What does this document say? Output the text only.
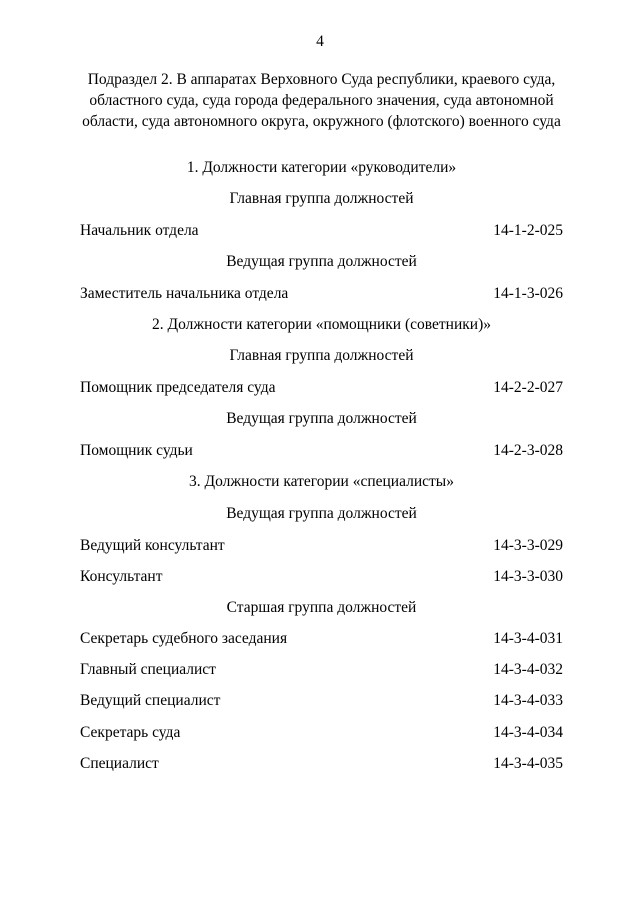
4
Подраздел 2. В аппаратах Верховного Суда республики, краевого суда, областного суда, суда города федерального значения, суда автономной области, суда автономного округа, окружного (флотского) военного суда
1. Должности категории «руководители»
Главная группа должностей
Начальник отдела	14-1-2-025
Ведущая группа должностей
Заместитель начальника отдела	14-1-3-026
2. Должности категории «помощники (советники)»
Главная группа должностей
Помощник председателя суда	14-2-2-027
Ведущая группа должностей
Помощник судьи	14-2-3-028
3. Должности категории «специалисты»
Ведущая группа должностей
Ведущий консультант	14-3-3-029
Консультант	14-3-3-030
Старшая группа должностей
Секретарь судебного заседания	14-3-4-031
Главный специалист	14-3-4-032
Ведущий специалист	14-3-4-033
Секретарь суда	14-3-4-034
Специалист	14-3-4-035
